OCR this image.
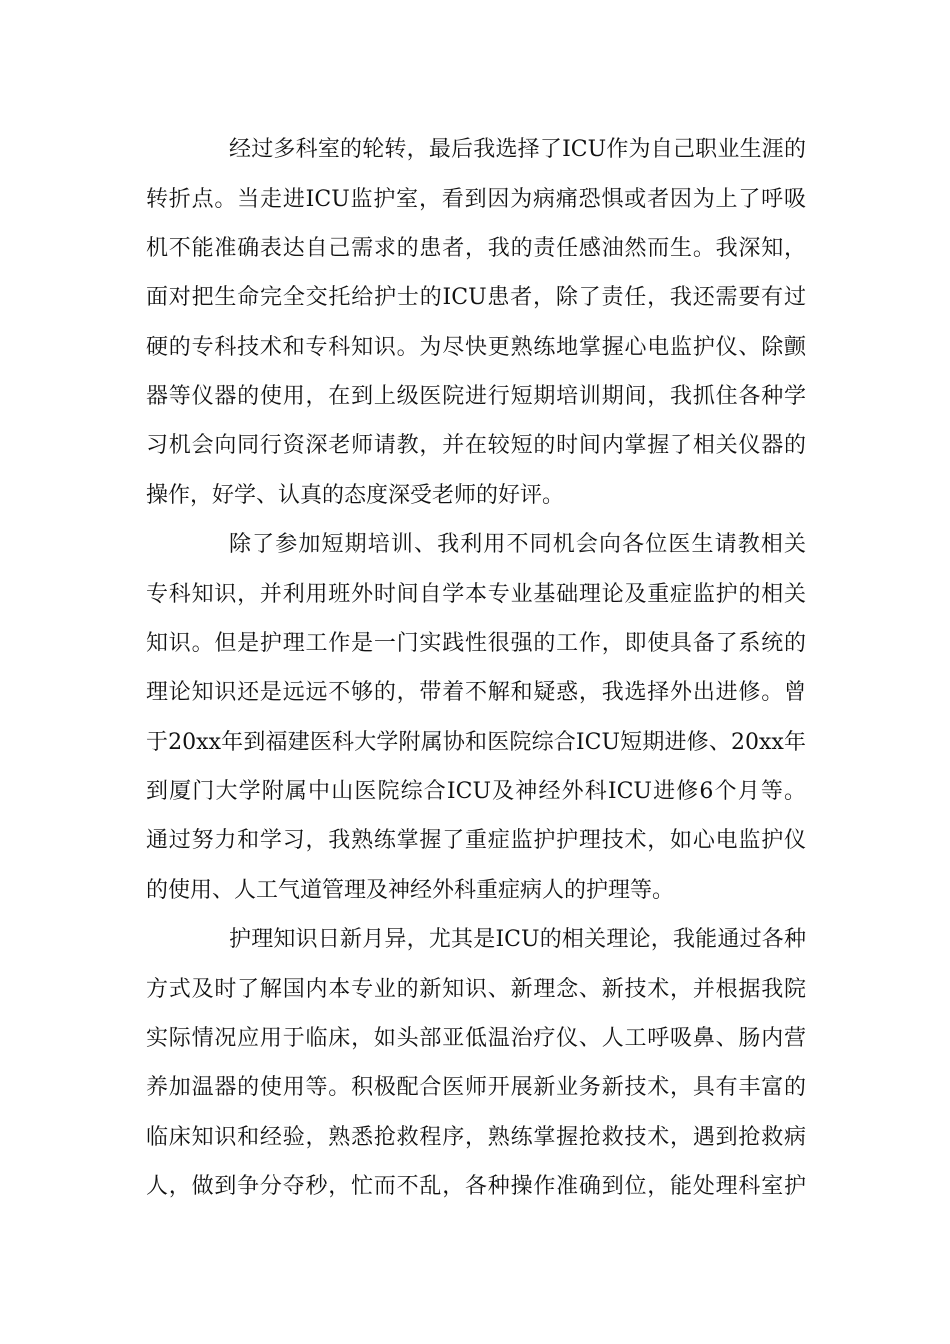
经过多科室的轮转，最后我选择了ICU作为自己职业生涯的
转折点。当走进ICU监护室，看到因为病痛恐惧或者因为上了呼吸
机不能准确表达自己需求的患者，我的责任感油然而生。我深知，
面对把生命完全交托给护士的ICU患者，除了责任，我还需要有过
硬的专科技术和专科知识。为尽快更熟练地掌握心电监护仪、除颤
器等仪器的使用，在到上级医院进行短期培训期间，我抓住各种学
习机会向同行资深老师请教，并在较短的时间内掌握了相关仪器的
操作，好学、认真的态度深受老师的好评。
除了参加短期培训、我利用不同机会向各位医生请教相关
专科知识，并利用班外时间自学本专业基础理论及重症监护的相关
知识。但是护理工作是一门实践性很强的工作，即使具备了系统的
理论知识还是远远不够的，带着不解和疑惑，我选择外出进修。曾
于20xx年到福建医科大学附属协和医院综合ICU短期进修、20xx年
到厦门大学附属中山医院综合ICU及神经外科ICU进修6个月等。
通过努力和学习，我熟练掌握了重症监护护理技术，如心电监护仪
的使用、人工气道管理及神经外科重症病人的护理等。
护理知识日新月异，尤其是ICU的相关理论，我能通过各种
方式及时了解国内本专业的新知识、新理念、新技术，并根据我院
实际情况应用于临床，如头部亚低温治疗仪、人工呼吸鼻、肠内营
养加温器的使用等。积极配合医师开展新业务新技术，具有丰富的
临床知识和经验，熟悉抢救程序，熟练掌握抢救技术，遇到抢救病
人，做到争分夺秒，忙而不乱，各种操作准确到位，能处理科室护
